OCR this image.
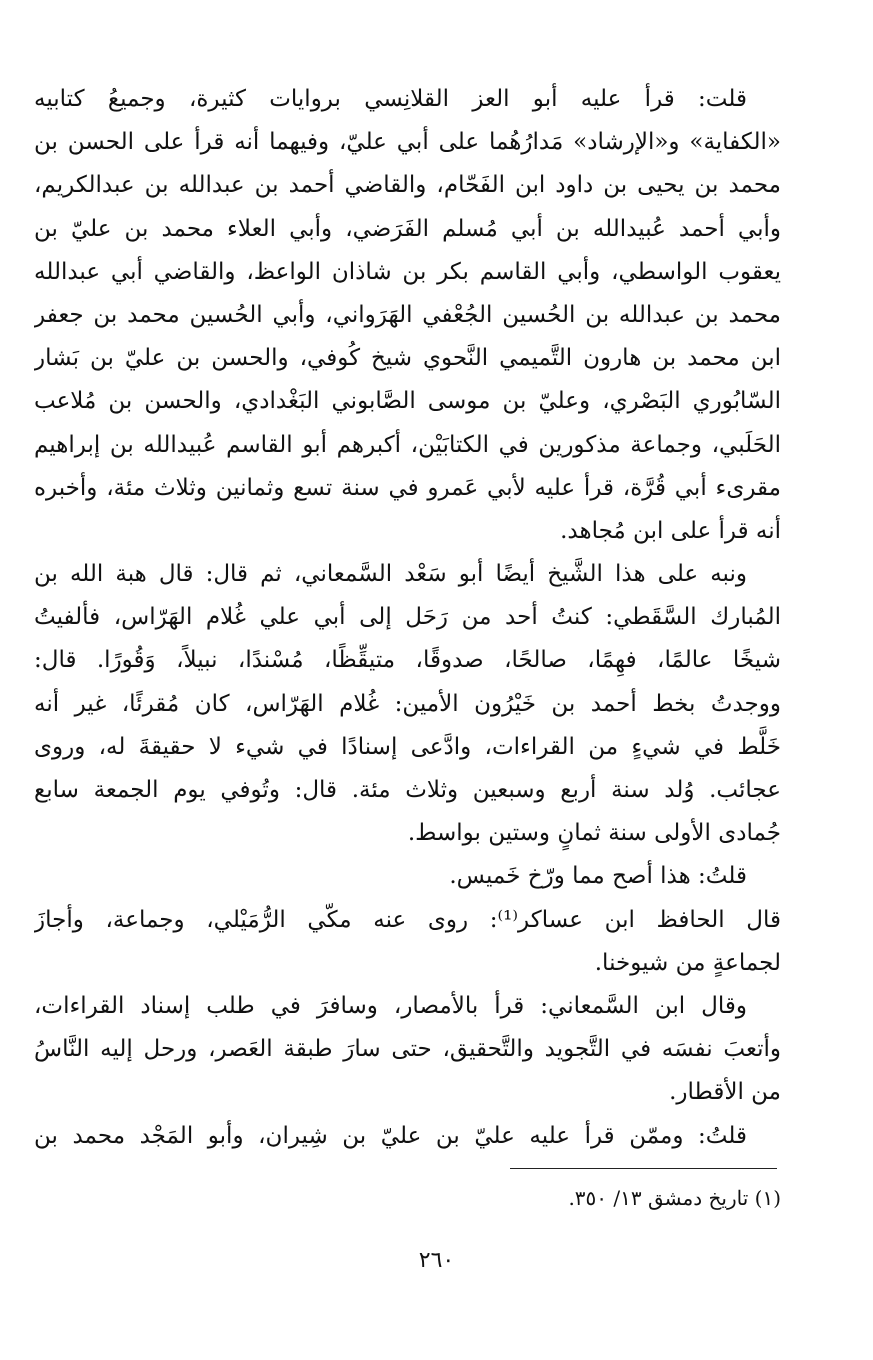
قلت: قرأ عليه أبو العز القلانِسي بروايات كثيرة، وجميعُ كتابيه
«الكفاية» و«الإرشاد» مَدارُهُما على أبي عليّ، وفيهما أنه قرأ على الحسن بن
محمد بن يحيى بن داود ابن الفَحّام، والقاضي أحمد بن عبدالله بن عبدالكريم،
وأبي أحمد عُبيدالله بن أبي مُسلم الفَرَضي، وأبي العلاء محمد بن عليّ بن
يعقوب الواسطي، وأبي القاسم بكر بن شاذان الواعظ، والقاضي أبي عبدالله
محمد بن عبدالله بن الحُسين الجُعْفي الهَرَواني، وأبي الحُسين محمد بن جعفر
ابن محمد بن هارون التَّميمي النَّحوي شيخ كُوفي، والحسن بن عليّ بن بَشار
السّابُوري البَصْري، وعليّ بن موسى الصَّابوني البَغْدادي، والحسن بن مُلاعب
الحَلَبي، وجماعة مذكورين في الكتابَيْن، أكبرهم أبو القاسم عُبيدالله بن إبراهيم
مقرىء أبي قُرَّة، قرأ عليه لأبي عَمرو في سنة تسع وثمانين وثلاث مئة، وأخبره
أنه قرأ على ابن مُجاهد.
ونبه على هذا الشَّيخ أيضًا أبو سَعْد السَّمعاني، ثم قال: قال هبة الله بن
المُبارك السَّقَطي: كنتُ أحد من رَحَل إلى أبي علي غُلام الهَرّاس، فألفيتُ
شيخًا عالمًا، فهِمًا، صالحًا، صدوقًا، متيقِّظًا، مُسْندًا، نبيلاً، وَقُورًا. قال:
ووجدتُ بخط أحمد بن خَيْرُون الأمين: غُلام الهَرّاس، كان مُقرئًا، غير أنه
خَلَّط في شيءٍ من القراءات، وادَّعى إسنادًا في شيء لا حقيقةَ له، وروى
عجائب. وُلد سنة أربع وسبعين وثلاث مئة. قال: وتُوفي يوم الجمعة سابع
جُمادى الأولى سنة ثمانٍ وستين بواسط.
قلتُ: هذا أصح مما ورّخ خَميس.
قال الحافظ ابن عساكر⁽¹⁾: روى عنه مكّي الرُّمَيْلي، وجماعة، وأجازَ
لجماعةٍ من شيوخنا.
وقال ابن السَّمعاني: قرأ بالأمصار، وسافرَ في طلب إسناد القراءات،
وأتعبَ نفسَه في التَّجويد والتَّحقيق، حتى سارَ طبقة العَصر، ورحل إليه النَّاسُ
من الأقطار.
قلتُ: وممّن قرأ عليه عليّ بن عليّ بن شِيران، وأبو المَجْد محمد بن
(١) تاريخ دمشق ١٣/ ٣٥٠.
٢٦٠
